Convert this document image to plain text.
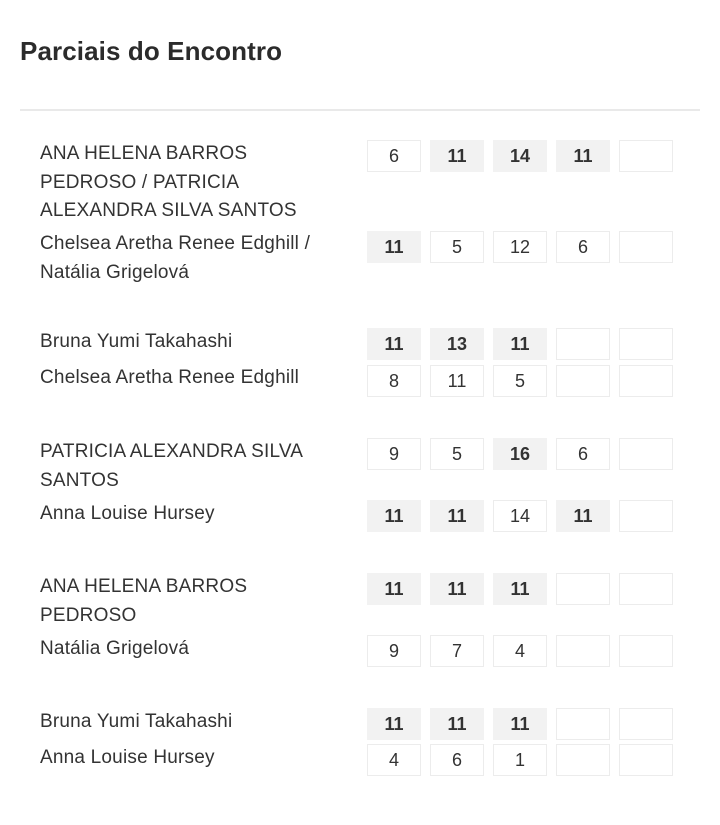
Parciais do Encontro
ANA HELENA BARROS PEDROSO / PATRICIA ALEXANDRA SILVA SANTOS
6	11	14	11
Chelsea Aretha Renee Edghill / Natália Grigelová
11	5	12	6
Bruna Yumi Takahashi	11	13	11
Chelsea Aretha Renee Edghill	8	11	5
PATRICIA ALEXANDRA SILVA SANTOS
9	5	16	6
Anna Louise Hursey	11	11	14	11
ANA HELENA BARROS PEDROSO
11	11	11
Natália Grigelová	9	7	4
Bruna Yumi Takahashi	11	11	11
Anna Louise Hursey	4	6	1
